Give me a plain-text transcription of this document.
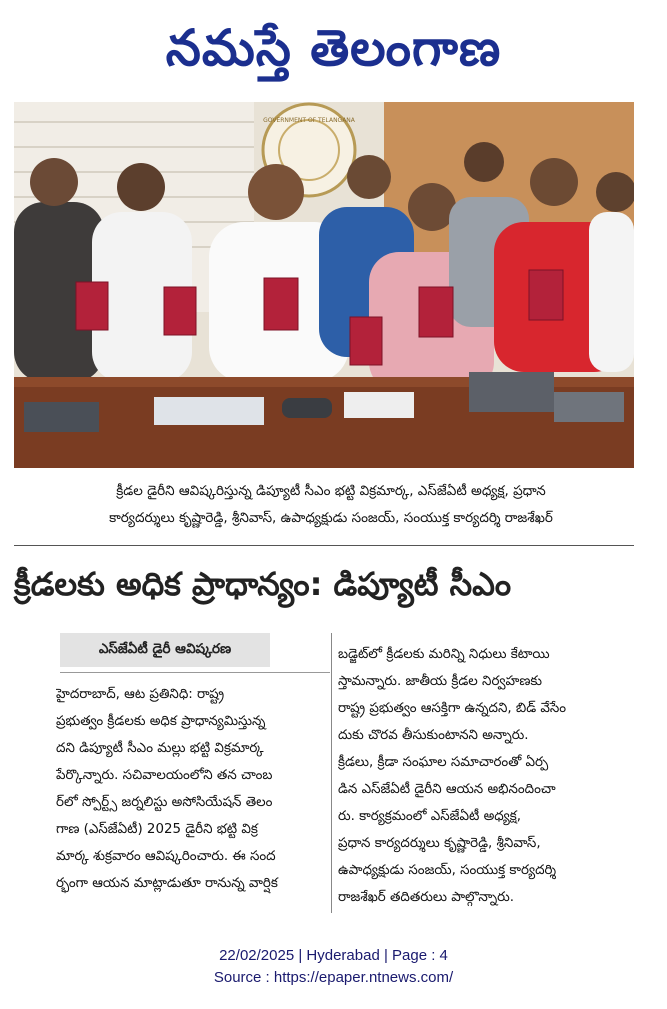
నమస్తే తెలంగాణ
GOVERNMENT OF TELANGANA
క్రీడల డైరీని ఆవిష్కరిస్తున్న డిప్యూటీ సీఎం భట్టి విక్రమార్క, ఎస్‌జేఏటీ అధ్యక్ష, ప్రధాన
కార్యదర్శులు కృష్ణారెడ్డి, శ్రీనివాస్, ఉపాధ్యక్షుడు సంజయ్, సంయుక్త కార్యదర్శి రాజశేఖర్
క్రీడలకు అధిక ప్రాధాన్యం: డిప్యూటీ సీఎం
ఎస్‌జేఏటీ డైరీ ఆవిష్కరణ
హైదరాబాద్, ఆట ప్రతినిధి: రాష్ట్ర
ప్రభుత్వం క్రీడలకు అధిక ప్రాధాన్యమిస్తున్న
దని డిప్యూటీ సీఎం మల్లు భట్టి విక్రమార్క
పేర్కొన్నారు. సచివాలయంలోని తన చాంబ
ర్‌లో స్పోర్ట్స్ జర్నలిస్టు అసోసియేషన్ తెలం
గాణ (ఎస్‌జేఏటీ) 2025 డైరీని భట్టి విక్ర
మార్క శుక్రవారం ఆవిష్కరించారు. ఈ సంద
ర్భంగా ఆయన మాట్లాడుతూ రానున్న వార్షిక
బడ్జెట్‌లో క్రీడలకు మరిన్ని నిధులు కేటాయి
స్తామన్నారు. జాతీయ క్రీడల నిర్వహణకు
రాష్ట్ర ప్రభుత్వం ఆసక్తిగా ఉన్నదని, బిడ్ వేసేం
దుకు చొరవ తీసుకుంటానని అన్నారు.
క్రీడలు, క్రీడా సంఘాల సమాచారంతో ఏర్ప
డిన ఎస్‌జేఏటీ డైరీని ఆయన అభినందించా
రు. కార్యక్రమంలో ఎస్‌జేఏటీ అధ్యక్ష,
ప్రధాన కార్యదర్శులు కృష్ణారెడ్డి, శ్రీనివాస్,
ఉపాధ్యక్షుడు సంజయ్, సంయుక్త కార్యదర్శి
రాజశేఖర్ తదితరులు పాల్గొన్నారు.
22/02/2025 | Hyderabad | Page : 4
Source : https://epaper.ntnews.com/
